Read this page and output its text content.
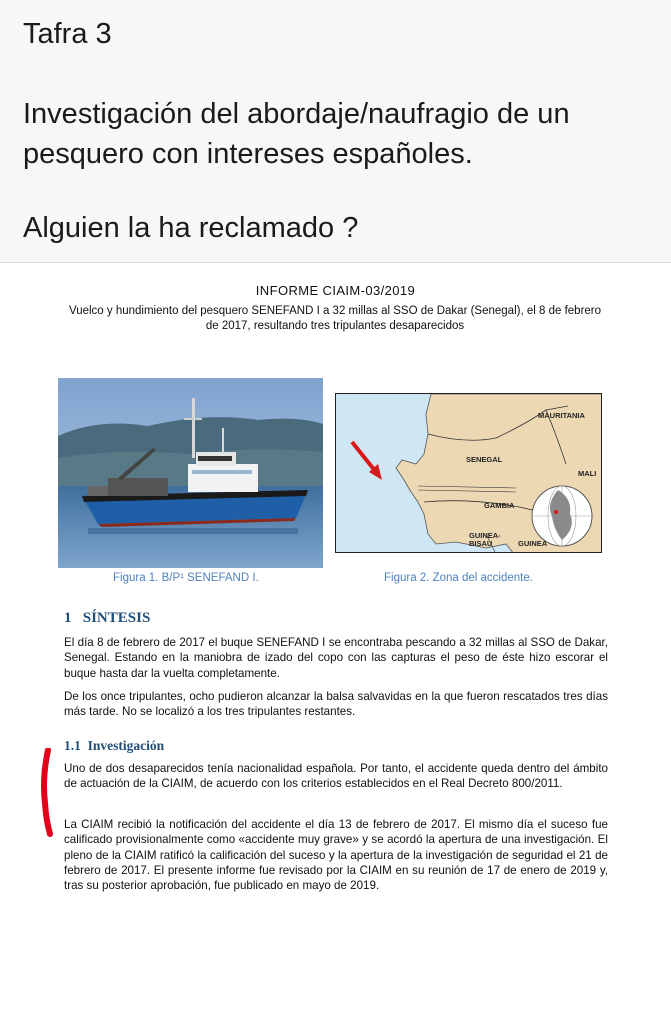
Tafra 3

Investigación del abordaje/naufragio de un

pesquero con intereses españoles.

Alguien la ha reclamado ?

INFORME CIAIM-03/2019
Vuelco y hundimiento del pesquero SENEFAND I a 32 millas al SSO de Dakar (Senegal), el 8 de febrero de 2017, resultando tres tripulantes desaparecidos
MAURITANIA
SENEGAL
MALI
GAMBIA
GUINEA-
BISAU	GUINEA
Figura 1. B/P¹ SENEFAND I.	Figura 2. Zona del accidente.
1 SÍNTESIS

El día 8 de febrero de 2017 el buque SENEFAND I se encontraba pescando a 32 millas al SSO de Dakar, Senegal. Estando en la maniobra de izado del copo con las capturas el peso de éste hizo escorar el buque hasta dar la vuelta completamente.

De los once tripulantes, ocho pudieron alcanzar la balsa salvavidas en la que fueron rescatados tres días más tarde. No se localizó a los tres tripulantes restantes.

1.1 Investigación

Uno de dos desaparecidos tenía nacionalidad española. Por tanto, el accidente queda dentro del ámbito de actuación de la CIAIM, de acuerdo con los criterios establecidos en el Real Decreto 800/2011.

La CIAIM recibió la notificación del accidente el día 13 de febrero de 2017. El mismo día el suceso fue calificado provisionalmente como «accidente muy grave» y se acordó la apertura de una investigación. El pleno de la CIAIM ratificó la calificación del suceso y la apertura de la investigación de seguridad el 21 de febrero de 2017. El presente informe fue revisado por la CIAIM en su reunión de 17 de enero de 2019 y, tras su posterior aprobación, fue publicado en mayo de 2019.
